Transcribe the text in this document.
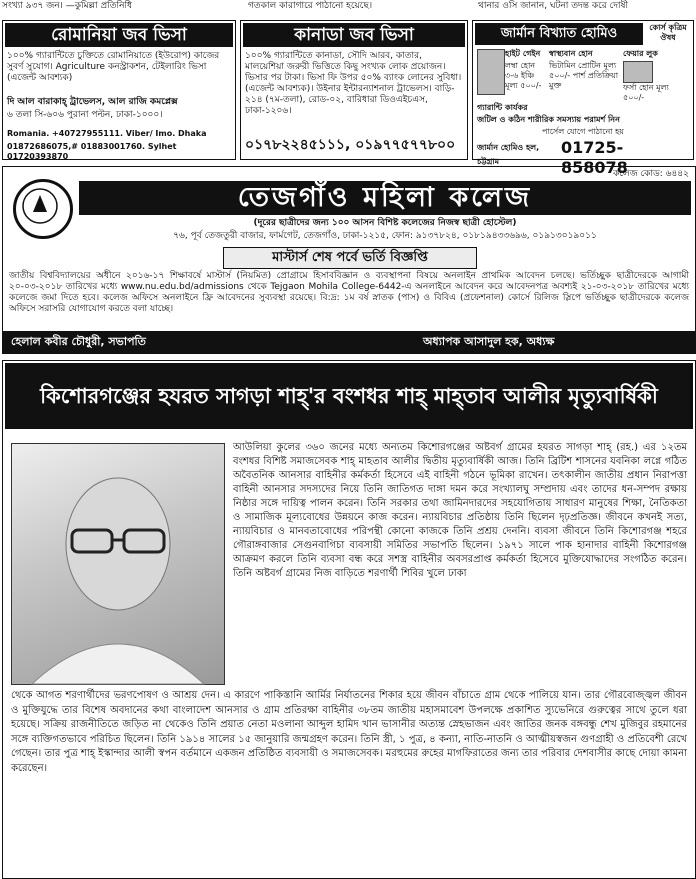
সংখ্যা ৯৩৭ জন। —কুমিল্লা প্রতিনিধি	গতকাল কারাগারে পাঠানো হয়েছে।	থানার ওসি জানান, ঘটনা তদন্ত করে দোষী
রোমানিয়া জব ভিসা
১০০% গ্যারান্টিতে চুক্তিতে রোমানিয়াতে (ইউরোপ) কাজের সুবর্ণ সুযোগ। Agriculture কনস্ট্রাকশন, টেইলারিং ভিসা (এজেন্ট আবশ্যক)
দি আল বারাকাহ্ ট্রাভেলস, আল রাজি কমপ্লেক্স
৬ তলা সি-৬০৬ পুরানা পল্টন, ঢাকা-১০০০।
Romania. +40727955111. Viber/ Imo. Dhaka
01872686075,# 01883001760. Sylhet 01720393870
কানাডা জব ভিসা
১০০% গ্যারান্টিতে কানাডা, সৌদি আরব, কাতার, মালয়েশিয়া জরুরী ভিত্তিতে কিছু সংখ্যক লোক প্রয়োজন। ভিসার পর টাকা। ভিসা ফি উপর ৫০% ব্যাংক লোনের সুবিধা। (এজেন্ট আবশ্যক)। উইনার ইন্টারন্যাশনাল ট্রাভেলস। বাড়ি- ২১৪ (৭ম-তলা), রোড-০২, বারিধারা ডিওএইচএস, ঢাকা-১২০৬।
০১৭৮২২৪৫১১১, ০১৯৭৭৫৭৭৮০০
জার্মান বিখ্যাত হোমিও	কোর্স কৃত্রিম ঔষধ
হাইট গেইন
লম্বা হোন ৩-৬ ইঞ্চি মূল্য ৫০০/-
স্বাস্থ্যবান হোন
ভিটামিন প্রোটিন মূল্য ৫০০/- পার্শ প্রতিক্রিয়া মুক্ত
ফেয়ার লুক
ফর্সা হোন মূল্য ৫০০/-
গ্যারান্টি কার্যকর
জটিল ও কঠিন শারীরিক সমস্যায় পরামর্শ নিন
পার্সেল যোগে পাঠানো হয়
জার্মান হোমিও হল, চট্টগ্রাম
01725-858078
কলেজ কোড: ৬৪৪২
তেজগাঁও মহিলা কলেজ
(দূরের ছাত্রীদের জন্য ১০০ আসন বিশিষ্ট কলেজের নিজস্ব ছাত্রী হোস্টেল)
৭৬, পূর্ব তেজতুরী বাজার, ফার্মগেট, তেজগাঁও, ঢাকা-১২১৫, ফোন: ৯১৩৭৮২৪, ০১৮১৯৪৩৩৬৯৬, ০১৯১৩০১৯০১১
মাস্টার্স শেষ পর্বে ভর্তি বিজ্ঞপ্তি
জাতীয় বিশ্ববিদ্যালয়ের অধীনে ২০১৬-১৭ শিক্ষাবর্ষে মাস্টার্স (নিয়মিত) প্রোগ্রামে হিসাববিজ্ঞান ও ব্যবস্থাপনা বিষয়ে অনলাইন প্রাথমিক আবেদন চলছে। ভর্তিচ্ছুক ছাত্রীদেরকে আগামী ২০-০৩-২০১৮ তারিখের মধ্যে www.nu.edu.bd/admissions থেকে Tejgaon Mohila College-6442-এ অনলাইনে আবেদন করে আবেদনপত্র অবশ্যই ২১-০৩-২০১৮ তারিখের মধ্যে কলেজে জমা দিতে হবে। কলেজ অফিসে অনলাইনে ফ্রি আবেদনের সুব্যবস্থা রয়েছে। বি:দ্র: ১ম বর্ষ স্নাতক (পাস) ও বিবিএ (প্রফেশনাল) কোর্সে রিলিজ স্লিপে ভর্তিচ্ছুক ছাত্রীদেরকে কলেজ অফিসে সরাসরি যোগাযোগ করতে বলা যাচ্ছে।
হেলাল কবীর চৌধুরী, সভাপতি	অধ্যাপক আসাদুল হক, অধ্যক্ষ
কিশোরগঞ্জের হযরত সাগড়া শাহ্'র বংশধর শাহ্ মাহ্তাব আলীর মৃত্যুবার্ষিকী
আউলিয়া কুলের ৩৬০ জনের মধ্যে অন্যতম কিশোরগঞ্জের অষ্টবর্গ গ্রামের হযরত সাগড়া শাহ্ (রহ.) এর ১২তম বংশধর বিশিষ্ট সমাজসেবক শাহ্ মাহতাব আলীর দ্বিতীয় মৃত্যুবার্ষিকী আজ। তিনি ব্রিটিশ শাসনের যবনিকা লগ্নে গঠিত অবৈতনিক আনসার বাহিনীর কর্মকর্তা হিসেবে এই বাহিনী গঠনে ভূমিকা রাখেন। তৎকালীন জাতীয় প্রধান নিরাপত্তা বাহিনী আনসার সদস্যদের নিয়ে তিনি জাতিগত দাঙ্গা দমন করে সংখ্যালঘু সম্প্রদায় এবং তাদের ধন-সম্পদ রক্ষায় নিষ্ঠার সঙ্গে দায়িত্ব পালন করেন। তিনি সরকার তথা জামিনদারদের সহযোগিতায় সাধারণ মানুষের শিক্ষা, নৈতিকতা ও সামাজিক মূল্যবোধের উন্নয়নে কাজ করেন। ন্যায়বিচার প্রতিষ্ঠায় তিনি ছিলেন দৃঢ়প্রতিজ্ঞ। জীবনে কখনই সত্য, ন্যায়বিচার ও মানবতাবোধের পরিপন্থী কোনো কাজকে তিনি প্রশ্রয় দেননি। ব্যবসা জীবনে তিনি কিশোরগঞ্জ শহরে গৌরাঙ্গবাজার সেগুনবাগিচা ব্যবসায়ী সমিতির সভাপতি ছিলেন। ১৯৭১ সালে পাক হানাদার বাহিনী কিশোরগঞ্জ আক্রমণ করলে তিনি ব্যবসা বন্ধ করে সশস্ত্র বাহিনীর অবসরপ্রাপ্ত কর্মকর্তা হিসেবে মুক্তিযোদ্ধাদের সংগঠিত করেন। তিনি অষ্টবর্গ গ্রামের নিজ বাড়িতে শরণার্থী শিবির খুলে ঢাকা
থেকে আগত শরণার্থীদের ভরণপোষণ ও আশ্রয় দেন। এ কারণে পাকিস্তানি আর্মির নির্যাতনের শিকার হয়ে জীবন বাঁচাতে গ্রাম থেকে পালিয়ে যান। তার গৌরবোজ্জ্বল জীবন ও মুক্তিযুদ্ধে তার বিশেষ অবদানের কথা বাংলাদেশ আনসার ও গ্রাম প্রতিরক্ষা বাহিনীর ৩৮তম জাতীয় মহাসমাবেশ উপলক্ষে প্রকাশিত স্যুভেনিরে গুরুত্বের সাথে তুলে ধরা হয়েছে। সক্রিয় রাজনীতিতে জড়িত না থেকেও তিনি প্রয়াত নেতা মওলানা আব্দুল হামিদ খান ভাসানীর অত্যন্ত স্নেহভাজন এবং জাতির জনক বঙ্গবন্ধু শেখ মুজিবুর রহমানের সঙ্গে ব্যক্তিগতভাবে পরিচিত ছিলেন। তিনি ১৯১৪ সালের ১৫ জানুয়ারি জন্মগ্রহণ করেন। তিনি স্ত্রী, ১ পুত্র, ৪ কন্যা, নাতি-নাতনি ও আত্মীয়স্বজন গুণগ্রাহী ও প্রতিবেশী রেখে গেছেন। তার পুত্র শাহ্ ইস্কান্দার আলী স্বপন বর্তমানে একজন প্রতিষ্ঠিত ব্যবসায়ী ও সমাজসেবক। মরহুমের রুহের মাগফিরাতের জন্য তার পরিবার দেশবাসীর কাছে দোয়া কামনা করেছেন।
